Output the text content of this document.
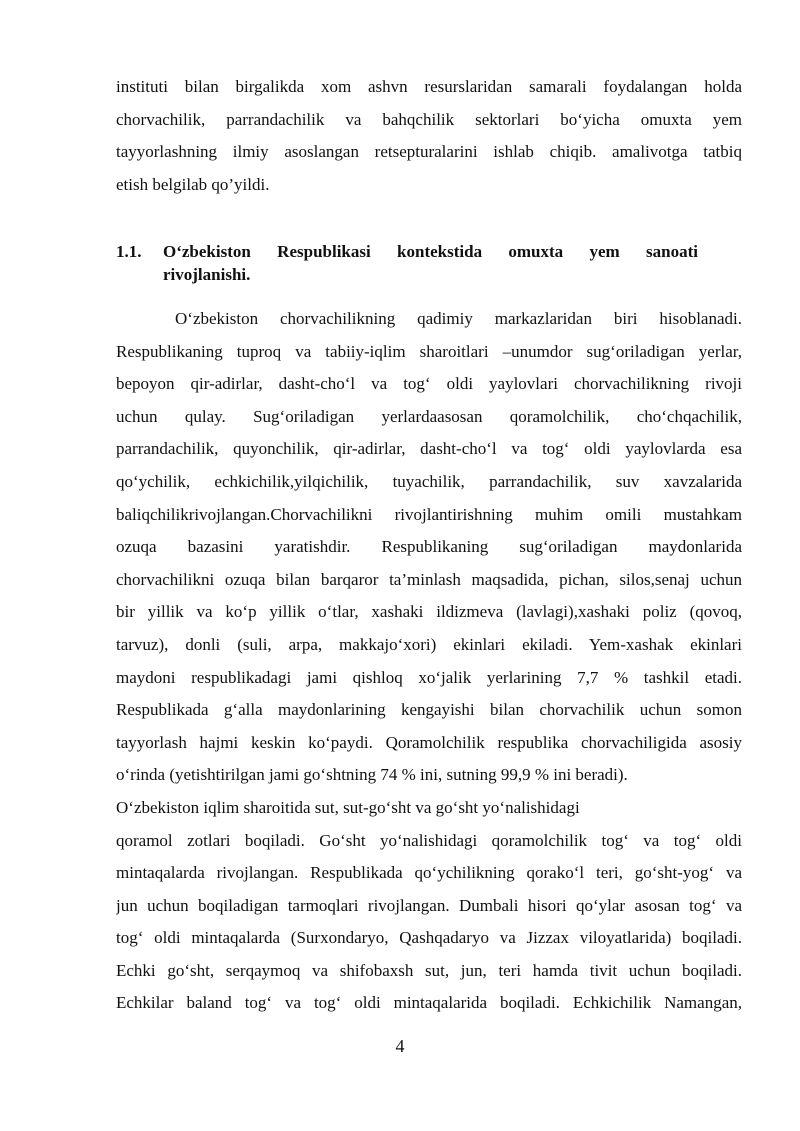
instituti bilan birgalikda xom ashvn resurslaridan samarali foydalangan holda
chorvachilik, parrandachilik va bahqchilik sektorlari bo‘yicha omuxta yem
tayyorlashning ilmiy asoslangan retsepturalarini ishlab chiqib. amalivotga tatbiq
etish belgilab qo’yildi.
1.1. O‘zbekiston Respublikasi kontekstida omuxta yem sanoati
rivojlanishi.
O‘zbekiston chorvachilikning qadimiy markazlaridan biri hisoblanadi.
Respublikaning tuproq va tabiiy-iqlim sharoitlari –unumdor sug‘oriladigan yerlar,
bepoyon qir-adirlar, dasht-cho‘l va tog‘ oldi yaylovlari chorvachilikning rivoji
uchun qulay. Sug‘oriladigan yerlardaasosan qoramolchilik, cho‘chqachilik,
parrandachilik, quyonchilik, qir-adirlar, dasht-cho‘l va tog‘ oldi yaylovlarda esa
qo‘ychilik, echkichilik,yilqichilik, tuyachilik, parrandachilik, suv xavzalarida
baliqchilikrivojlangan.Chorvachilikni rivojlantirishning muhim omili mustahkam
ozuqa bazasini yaratishdir. Respublikaning sug‘oriladigan maydonlarida
chorvachilikni ozuqa bilan barqaror ta’minlash maqsadida, pichan, silos,senaj uchun
bir yillik va ko‘p yillik o‘tlar, xashaki ildizmeva (lavlagi),xashaki poliz (qovoq,
tarvuz), donli (suli, arpa, makkajo‘xori) ekinlari ekiladi. Yem-xashak ekinlari
maydoni respublikadagi jami qishloq xo‘jalik yerlarining 7,7 % tashkil etadi.
Respublikada g‘alla maydonlarining kengayishi bilan chorvachilik uchun somon
tayyorlash hajmi keskin ko‘paydi. Qoramolchilik respublika chorvachiligida asosiy
o‘rinda (yetishtirilgan jami go‘shtning 74 % ini, sutning 99,9 % ini beradi).
O‘zbekiston iqlim sharoitida sut, sut-go‘sht va go‘sht yo‘nalishidagi
qoramol zotlari boqiladi. Go‘sht yo‘nalishidagi qoramolchilik tog‘ va tog‘ oldi
mintaqalarda rivojlangan. Respublikada qo‘ychilikning qorako‘l teri, go‘sht-yog‘ va
jun uchun boqiladigan tarmoqlari rivojlangan. Dumbali hisori qo‘ylar asosan tog‘ va
tog‘ oldi mintaqalarda (Surxondaryo, Qashqadaryo va Jizzax viloyatlarida) boqiladi.
Echki go‘sht, serqaymoq va shifobaxsh sut, jun, teri hamda tivit uchun boqiladi.
Echkilar baland tog‘ va tog‘ oldi mintaqalarida boqiladi. Echkichilik Namangan,
4
